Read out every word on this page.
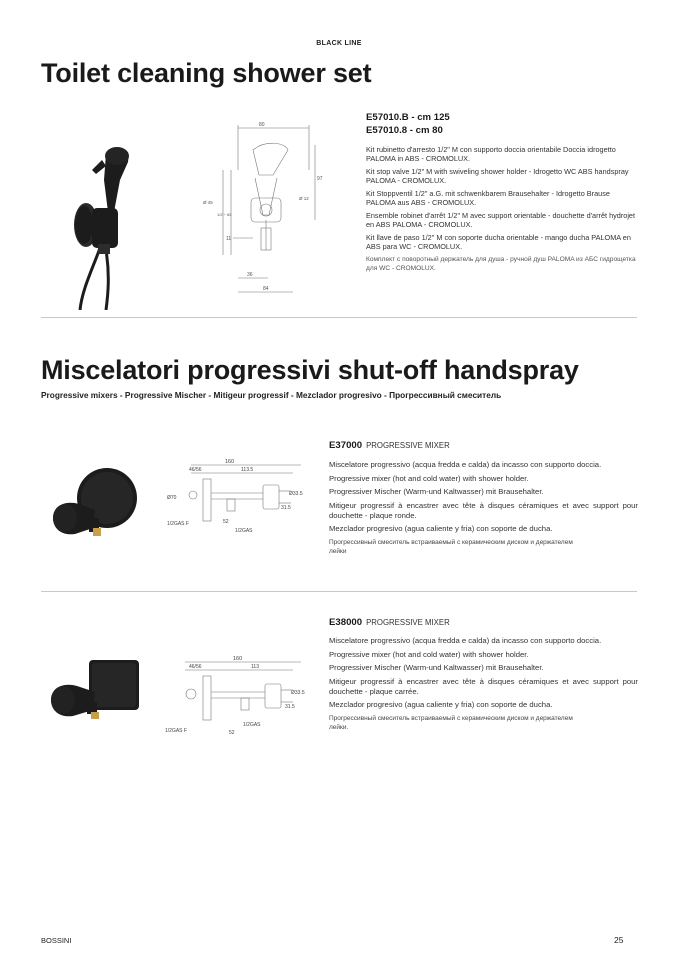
BLACK LINE
Toilet cleaning shower set
80
97
Ø 12
Ø 45
1/2 ÷ 65
11
36
84
E57010.B - cm 125
E57010.8 - cm 80

Kit rubinetto d'arresto 1/2" M con supporto doccia orientabile Doccia idrogetto PALOMA in ABS - CROMOLUX.

Kit stop valve 1/2" M with swiveling shower holder - Idrogetto WC ABS handspray PALOMA - CROMOLUX.

Kit Stoppventil 1/2" a.G. mit schwenkbarem Brausehalter - Idrogetto Brause PALOMA aus ABS - CROMOLUX.

Ensemble robinet d'arrêt 1/2" M avec support orientable - douchette d'arrêt hydrojet en ABS PALOMA - CROMOLUX.

Kit llave de paso 1/2" M con soporte ducha orientable - mango ducha PALOMA en ABS para WC - CROMOLUX.

Комплект с поворотный держатель для душа - ручной душ PALOMA из АБС гидрощетка для WC - CROMOLUX.

Miscelatori progressivi shut-off handspray
Progressive mixers - Progressive Mischer - Mitigeur progressif - Mezclador progresivo - Прогрессивный смеситель
160
46/56	113.5
Ø70
Ø33.5
31.5
1/2GAS F	52
1/2GAS
E37000 PROGRESSIVE MIXER

Miscelatore progressivo (acqua fredda e calda) da incasso con supporto doccia.

Progressive mixer (hot and cold water) with shower holder.

Progressiver Mischer (Warm-und Kaltwasser) mit Brausehalter.

Mitigeur progressif à encastrer avec tête à disques céramiques et avec support pour douchette - plaque ronde.

Mezclador progresivo (agua caliente y fria) con soporte de ducha.

Прогрессивный смеситель встраиваемый с керамическим диском и держателем лейки

160
46/56	113
Ø33.5
31.5
1/2GAS F	52
1/2GAS
E38000 PROGRESSIVE MIXER

Miscelatore progressivo (acqua fredda e calda) da incasso con supporto doccia.

Progressive mixer (hot and cold water) with shower holder.

Progressiver Mischer (Warm-und Kaltwasser) mit Brausehalter.

Mitigeur progressif à encastrer avec tête à disques céramiques et avec support pour douchette - plaque carrée.

Mezclador progresivo (agua caliente y fria) con soporte de ducha.

Прогрессивный смеситель встраиваемый с керамическим диском и держателем лейки.

BOSSINI	25
